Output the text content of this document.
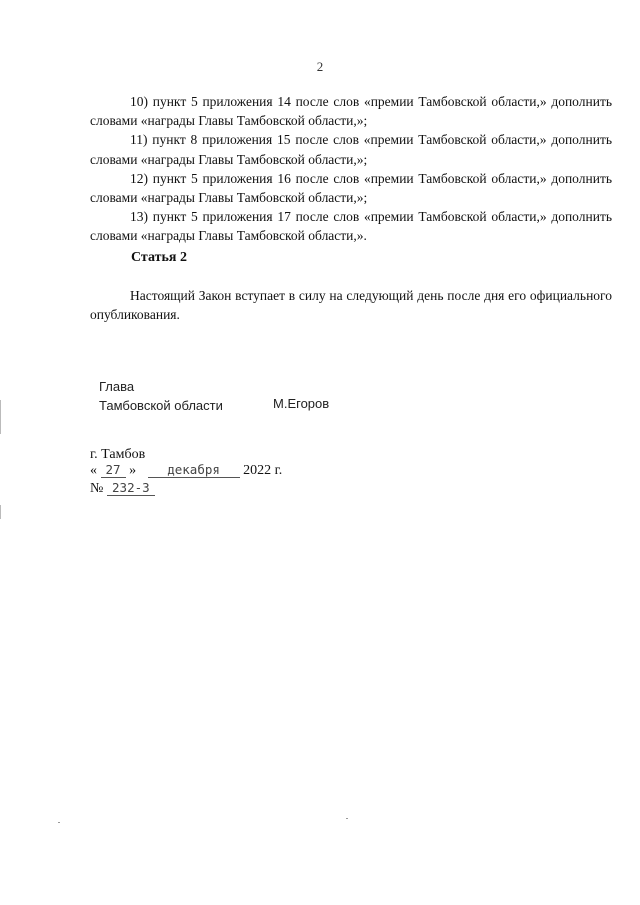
2

10) пункт 5 приложения 14 после слов «премии Тамбовской области,» дополнить словами «награды Главы Тамбовской области,»;

11) пункт 8 приложения 15 после слов «премии Тамбовской области,» дополнить словами «награды Главы Тамбовской области,»;

12) пункт 5 приложения 16 после слов «премии Тамбовской области,» дополнить словами «награды Главы Тамбовской области,»;

13) пункт 5 приложения 17 после слов «премии Тамбовской области,» дополнить словами «награды Главы Тамбовской области,».

Статья 2

Настоящий Закон вступает в силу на следующий день после дня его официального опубликования.

Глава
Тамбовской области	М.Егоров
г. Тамбов
« 27 » декабря 2022 г.
№ 232-З
